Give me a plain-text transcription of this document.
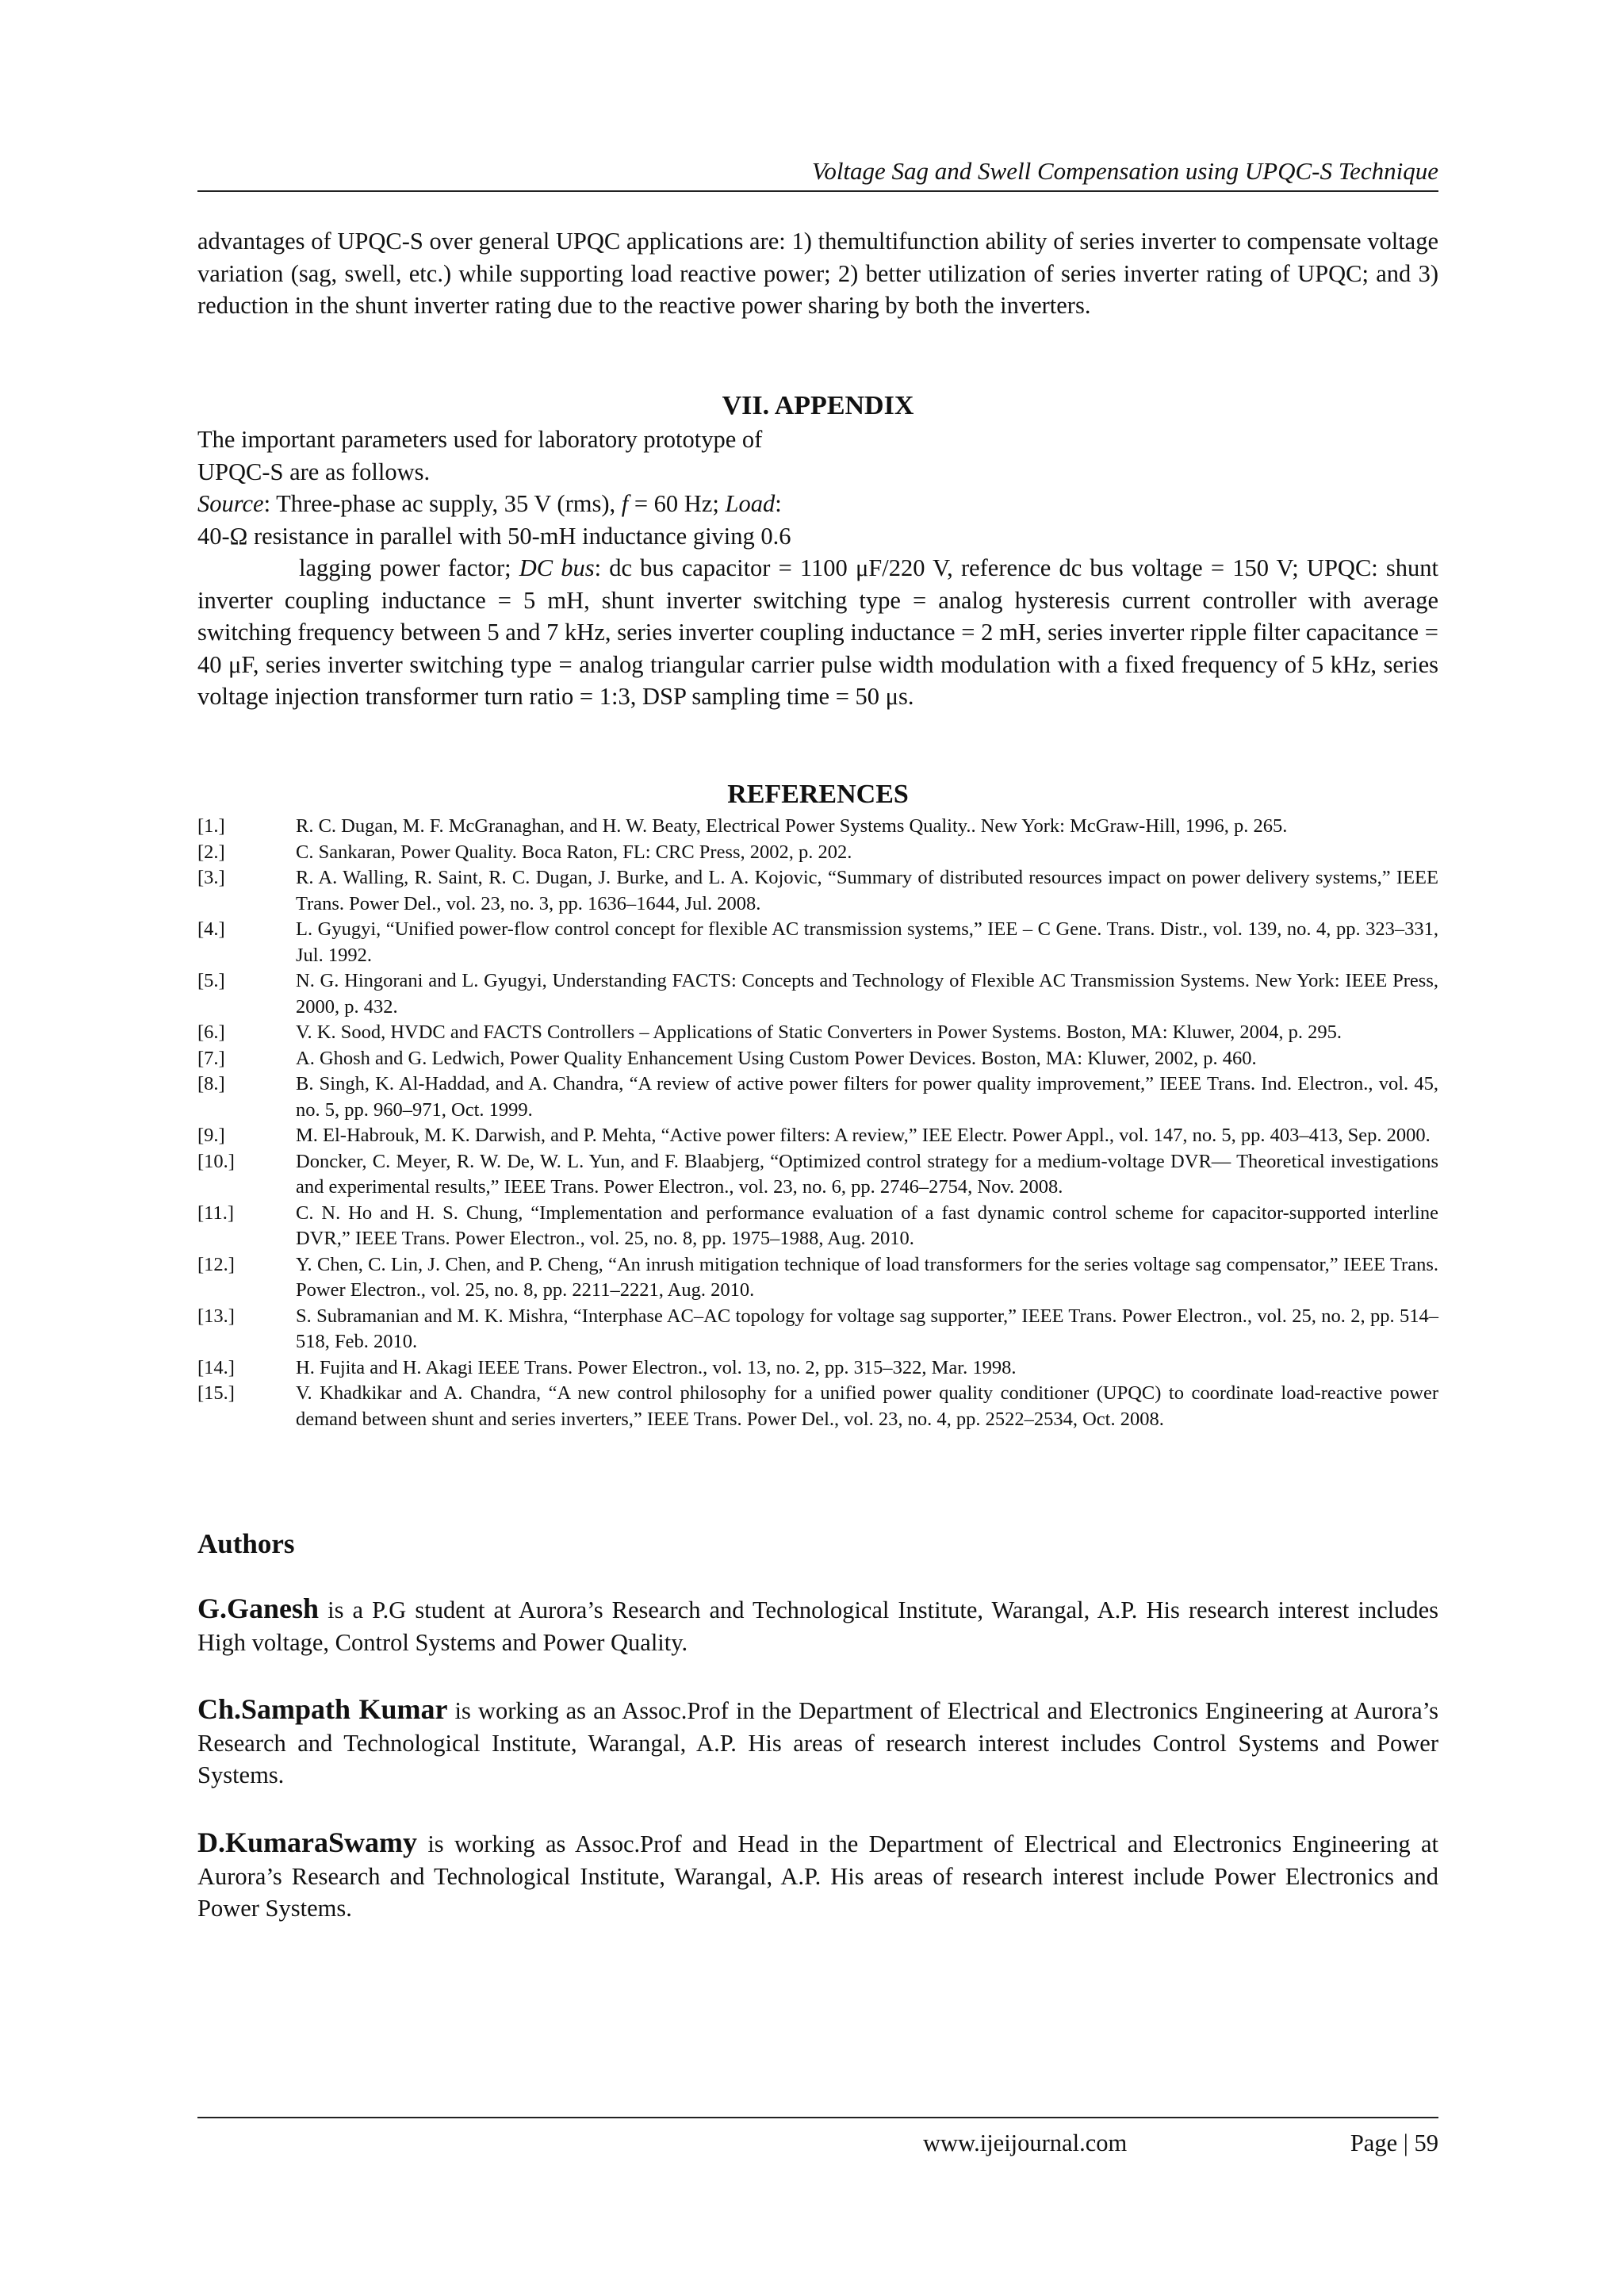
Voltage Sag and Swell Compensation using UPQC-S Technique

advantages of UPQC-S over general UPQC applications are: 1) themultifunction ability of series inverter to compensate voltage variation (sag, swell, etc.) while supporting load reactive power; 2) better utilization of series inverter rating of UPQC; and 3) reduction in the shunt inverter rating due to the reactive power sharing by both the inverters.

VII. APPENDIX
The important parameters used for laboratory prototype of
UPQC-S are as follows.
Source: Three-phase ac supply, 35 V (rms), f = 60 Hz; Load:
40-Ω resistance in parallel with 50-mH inductance giving 0.6

lagging power factor; DC bus: dc bus capacitor = 1100 μF/220 V, reference dc bus voltage = 150 V; UPQC: shunt inverter coupling inductance = 5 mH, shunt inverter switching type = analog hysteresis current controller with average switching frequency between 5 and 7 kHz, series inverter coupling inductance = 2 mH, series inverter ripple filter capacitance = 40 μF, series inverter switching type = analog triangular carrier pulse width modulation with a fixed frequency of 5 kHz, series voltage injection transformer turn ratio = 1:3, DSP sampling time = 50 μs.

REFERENCES
[1.]	R. C. Dugan, M. F. McGranaghan, and H. W. Beaty, Electrical Power Systems Quality.. New York: McGraw-Hill, 1996, p. 265.
[2.]	C. Sankaran, Power Quality. Boca Raton, FL: CRC Press, 2002, p. 202.
[3.]	R. A. Walling, R. Saint, R. C. Dugan, J. Burke, and L. A. Kojovic, “Summary of distributed resources impact on power delivery systems,” IEEE Trans. Power Del., vol. 23, no. 3, pp. 1636–1644, Jul. 2008.
[4.]	L. Gyugyi, “Unified power-flow control concept for flexible AC transmission systems,” IEE – C Gene. Trans. Distr., vol. 139, no. 4, pp. 323–331, Jul. 1992.
[5.]	N. G. Hingorani and L. Gyugyi, Understanding FACTS: Concepts and Technology of Flexible AC Transmission Systems. New York: IEEE Press, 2000, p. 432.
[6.]	V. K. Sood, HVDC and FACTS Controllers – Applications of Static Converters in Power Systems. Boston, MA: Kluwer, 2004, p. 295.
[7.]	A. Ghosh and G. Ledwich, Power Quality Enhancement Using Custom Power Devices. Boston, MA: Kluwer, 2002, p. 460.
[8.]	B. Singh, K. Al-Haddad, and A. Chandra, “A review of active power filters for power quality improvement,” IEEE Trans. Ind. Electron., vol. 45, no. 5, pp. 960–971, Oct. 1999.
[9.]	M. El-Habrouk, M. K. Darwish, and P. Mehta, “Active power filters: A review,” IEE Electr. Power Appl., vol. 147, no. 5, pp. 403–413, Sep. 2000.
[10.]	Doncker, C. Meyer, R. W. De, W. L. Yun, and F. Blaabjerg, “Optimized control strategy for a medium-voltage DVR— Theoretical investigations and experimental results,” IEEE Trans. Power Electron., vol. 23, no. 6, pp. 2746–2754, Nov. 2008.
[11.]	C. N. Ho and H. S. Chung, “Implementation and performance evaluation of a fast dynamic control scheme for capacitor-supported interline DVR,” IEEE Trans. Power Electron., vol. 25, no. 8, pp. 1975–1988, Aug. 2010.
[12.]	Y. Chen, C. Lin, J. Chen, and P. Cheng, “An inrush mitigation technique of load transformers for the series voltage sag compensator,” IEEE Trans. Power Electron., vol. 25, no. 8, pp. 2211–2221, Aug. 2010.
[13.]	S. Subramanian and M. K. Mishra, “Interphase AC–AC topology for voltage sag supporter,” IEEE Trans. Power Electron., vol. 25, no. 2, pp. 514–518, Feb. 2010.
[14.]	H. Fujita and H. Akagi IEEE Trans. Power Electron., vol. 13, no. 2, pp. 315–322, Mar. 1998.
[15.]	V. Khadkikar and A. Chandra, “A new control philosophy for a unified power quality conditioner (UPQC) to coordinate load-reactive power demand between shunt and series inverters,” IEEE Trans. Power Del., vol. 23, no. 4, pp. 2522–2534, Oct. 2008.
Authors

G.Ganesh is a P.G student at Aurora’s Research and Technological Institute, Warangal, A.P. His research interest includes High voltage, Control Systems and Power Quality.

Ch.Sampath Kumar is working as an Assoc.Prof in the Department of Electrical and Electronics Engineering at Aurora’s Research and Technological Institute, Warangal, A.P. His areas of research interest includes Control Systems and Power Systems.

D.KumaraSwamy is working as Assoc.Prof and Head in the Department of Electrical and Electronics Engineering at Aurora’s Research and Technological Institute, Warangal, A.P. His areas of research interest include Power Electronics and Power Systems.

www.ijeijournal.com	Page | 59
